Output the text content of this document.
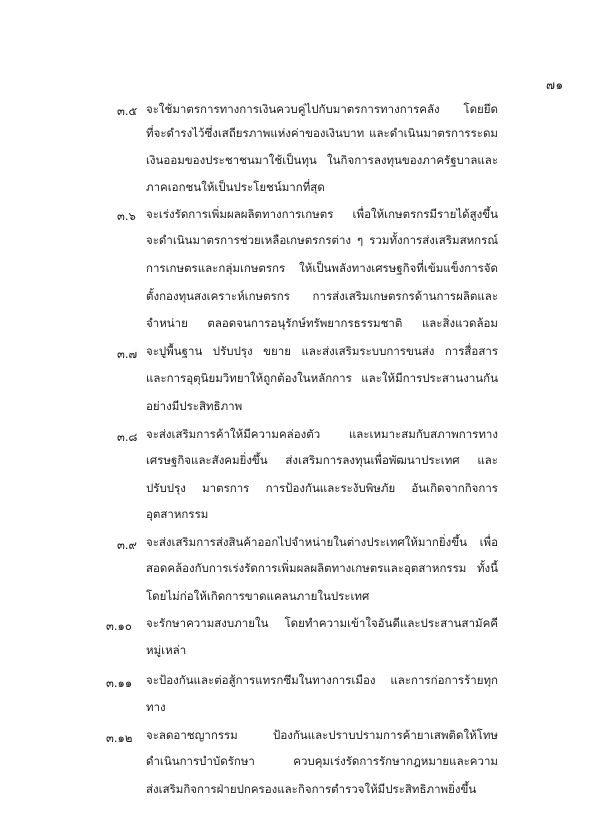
๗๑
๓.๕ จะใช้มาตรการทางการเงินควบคู่ไปกับมาตรการทางการคลัง โดยยึด
ที่จะดำรงไว้ซึ่งเสถียรภาพแห่งค่าของเงินบาท และดำเนินมาตรการระดม
เงินออมของประชาชนมาใช้เป็นทุน ในกิจการลงทุนของภาครัฐบาลและ
ภาคเอกชนให้เป็นประโยชน์มากที่สุด
๓.๖ จะเร่งรัดการเพิ่มผลผลิตทางการเกษตร เพื่อให้เกษตรกรมีรายได้สูงขึ้น
จะดำเนินมาตรการช่วยเหลือเกษตรกรต่าง ๆ รวมทั้งการส่งเสริมสหกรณ์
การเกษตรและกลุ่มเกษตรกร ให้เป็นพลังทางเศรษฐกิจที่เข้มแข็งการจัด
ตั้งกองทุนสงเคราะห์เกษตรกร การส่งเสริมเกษตรกรด้านการผลิตและ
จำหน่าย ตลอดจนการอนุรักษ์ทรัพยากรธรรมชาติ และสิ่งแวดล้อม
๓.๗ จะปูพื้นฐาน ปรับปรุง ขยาย และส่งเสริมระบบการขนส่ง การสื่อสาร
และการอุตุนิยมวิทยาให้ถูกต้องในหลักการ และให้มีการประสานงานกัน
อย่างมีประสิทธิภาพ
๓.๘ จะส่งเสริมการค้าให้มีความคล่องตัว และเหมาะสมกับสภาพการทาง
เศรษฐกิจและสังคมยิ่งขึ้น ส่งเสริมการลงทุนเพื่อพัฒนาประเทศ และ
ปรับปรุง มาตรการ การป้องกันและระงับพิษภัย อันเกิดจากกิจการ
อุตสาหกรรม
๓.๙ จะส่งเสริมการส่งสินค้าออกไปจำหน่ายในต่างประเทศให้มากยิ่งขึ้น เพื่อ
สอดคล้องกับการเร่งรัดการเพิ่มผลผลิตทางเกษตรและอุตสาหกรรม ทั้งนี้
โดยไม่ก่อให้เกิดการขาดแคลนภายในประเทศ
๓.๑๐ จะรักษาความสงบภายใน โดยทำความเข้าใจอันดีและประสานสามัคคี
หมู่เหล่า
๓.๑๑ จะป้องกันและต่อสู้การแทรกซึมในทางการเมือง และการก่อการร้ายทุก
ทาง
๓.๑๒ จะลดอาชญากรรม ป้องกันและปราบปรามการค้ายาเสพติดให้โทษ
ดำเนินการบำบัดรักษา ควบคุมเร่งรัดการรักษากฎหมายและความ
ส่งเสริมกิจการฝ่ายปกครองและกิจการตำรวจให้มีประสิทธิภาพยิ่งขึ้น
